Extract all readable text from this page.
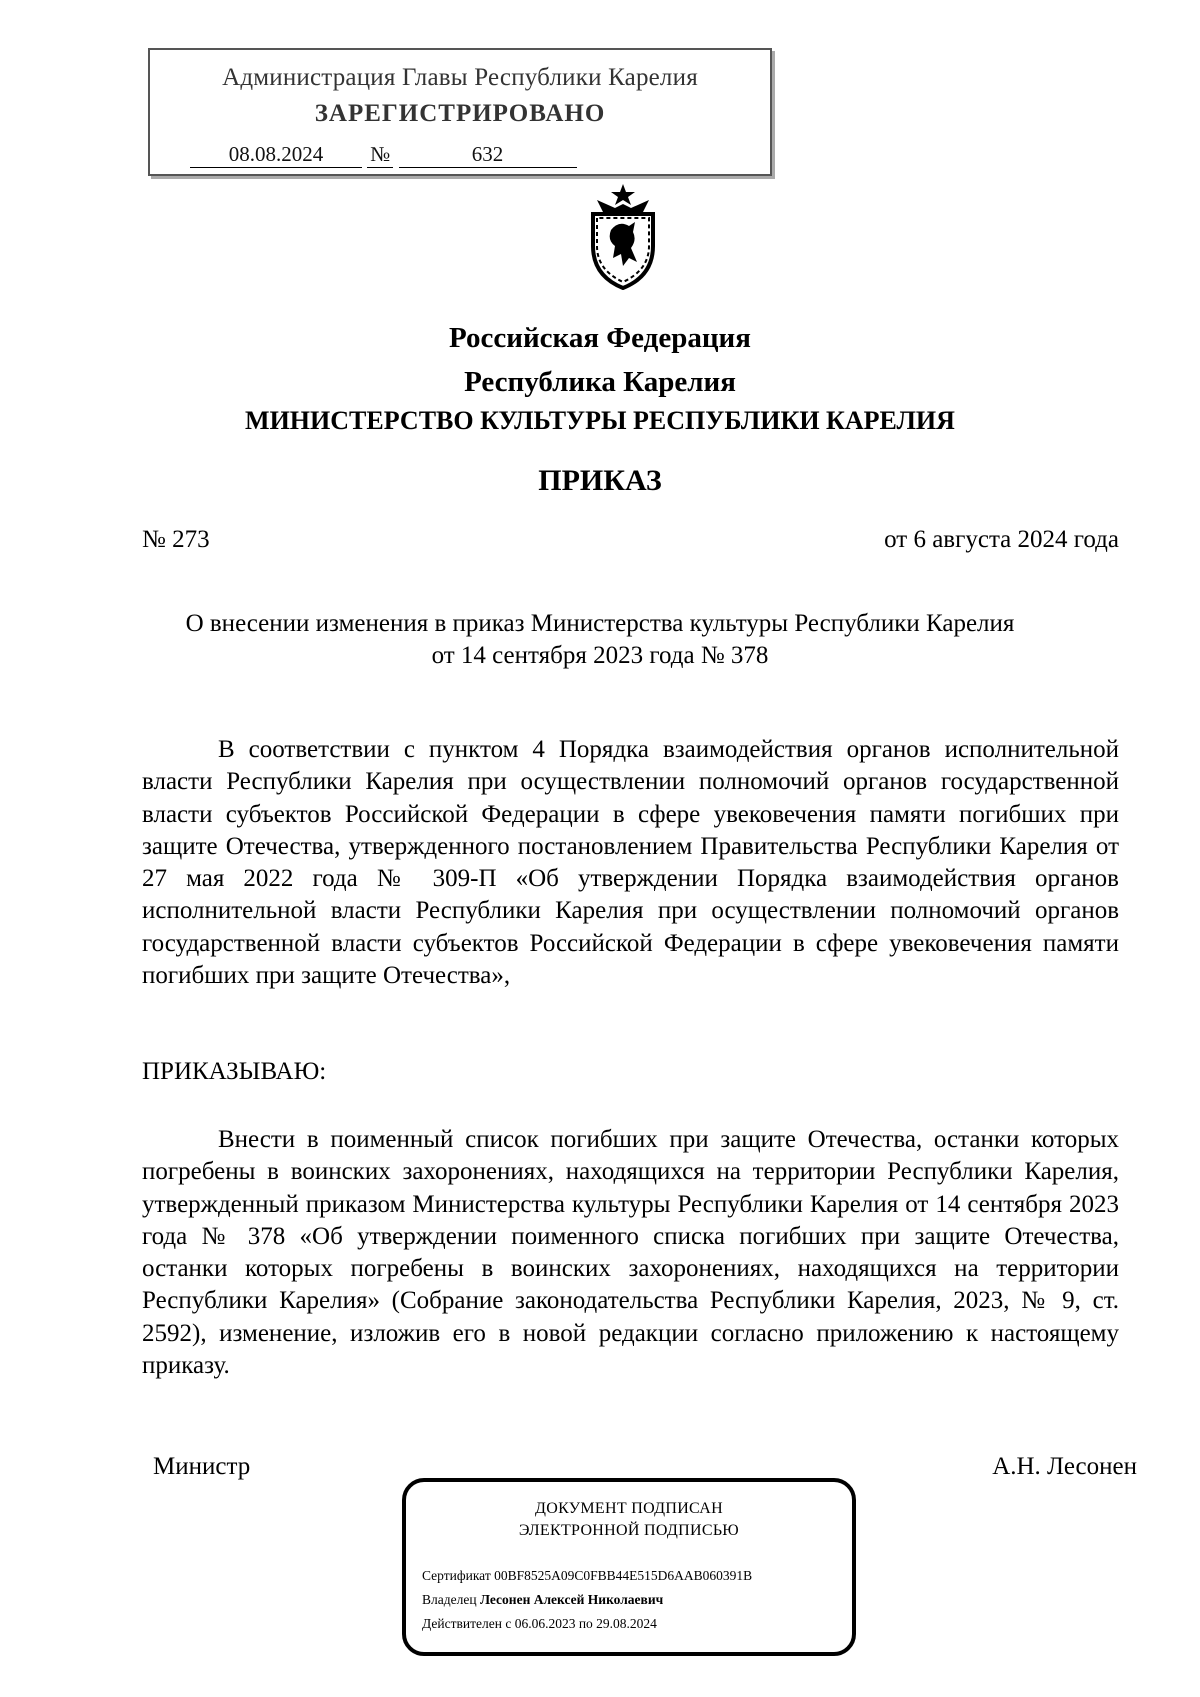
Администрация Главы Республики Карелия
ЗАРЕГИСТРИРОВАНО
08.08.2024 №	632
Российская Федерация
Республика Карелия
МИНИСТЕРСТВО КУЛЬТУРЫ РЕСПУБЛИКИ КАРЕЛИЯ
ПРИКАЗ
№ 273	от 6 августа 2024 года
О внесении изменения в приказ Министерства культуры Республики Карелия
от 14 сентября 2023 года № 378
В соответствии с пунктом 4 Порядка взаимодействия органов исполнительной власти Республики Карелия при осуществлении полномочий органов государственной власти субъектов Российской Федерации в сфере увековечения памяти погибших при защите Отечества, утвержденного постановлением Правительства Республики Карелия от 27 мая 2022 года № 309-П «Об утверждении Порядка взаимодействия органов исполнительной власти Республики Карелия при осуществлении полномочий органов государственной власти субъектов Российской Федерации в сфере увековечения памяти погибших при защите Отечества»,
ПРИКАЗЫВАЮ:
Внести в поименный список погибших при защите Отечества, останки которых погребены в воинских захоронениях, находящихся на территории Республики Карелия, утвержденный приказом Министерства культуры Республики Карелия от 14 сентября 2023 года № 378 «Об утверждении поименного списка погибших при защите Отечества, останки которых погребены в воинских захоронениях, находящихся на территории Республики Карелия» (Собрание законодательства Республики Карелия, 2023, № 9, ст. 2592), изменение, изложив его в новой редакции согласно приложению к настоящему приказу.
Министр	А.Н. Лесонен
ДОКУМЕНТ ПОДПИСАН
ЭЛЕКТРОННОЙ ПОДПИСЬЮ
Сертификат 00BF8525A09C0FBB44E515D6AAB060391B
Владелец Лесонен Алексей Николаевич
Действителен с 06.06.2023 по 29.08.2024
